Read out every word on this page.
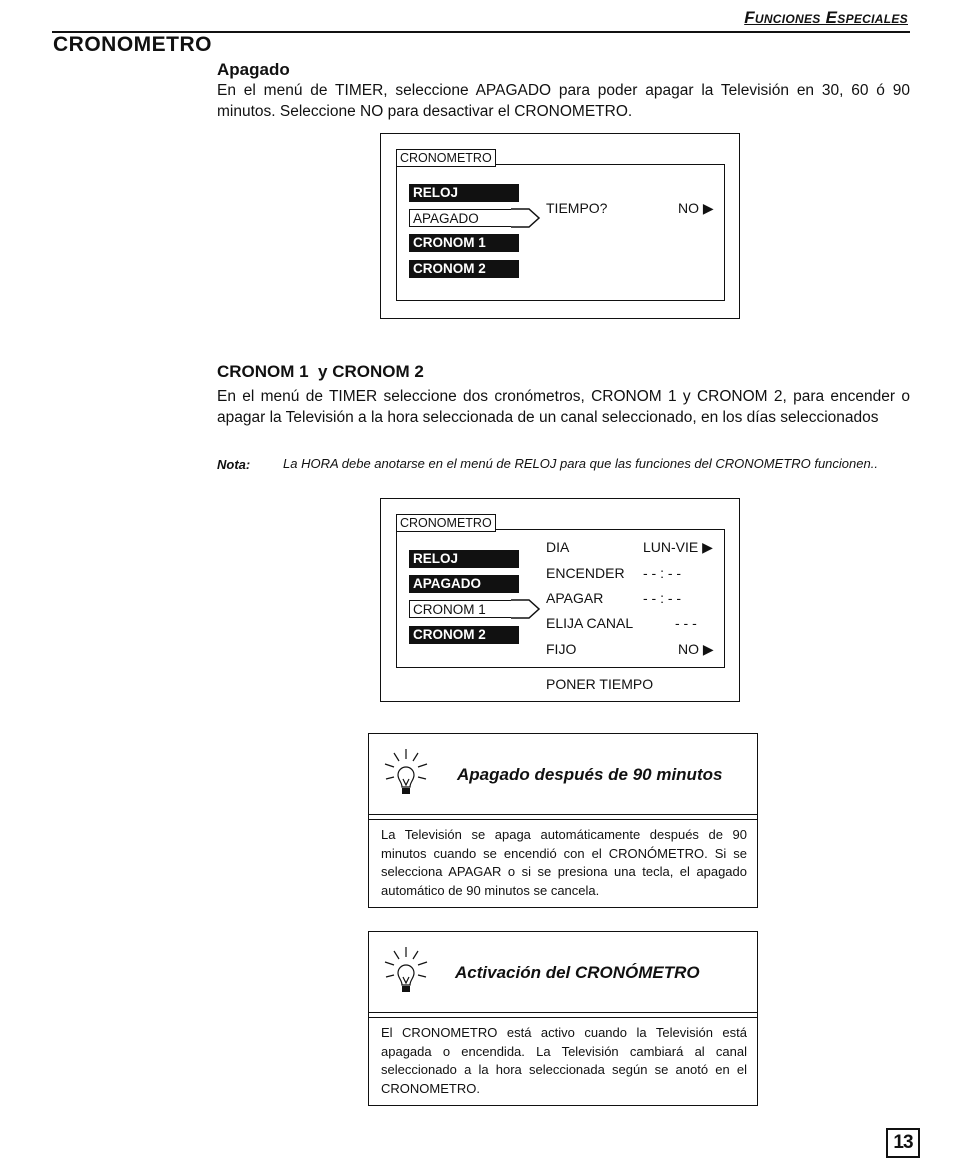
Funciones Especiales
CRONOMETRO
Apagado
En el menú de TIMER, seleccione APAGADO para poder apagar la Televisión en 30, 60 ó 90 minutos. Seleccione NO para desactivar el CRONOMETRO.
CRONOMETRO
RELOJ
APAGADO
CRONOM 1
CRONOM 2
TIEMPO?	NO ▶
CRONOM 1  y CRONOM 2
En el menú de TIMER seleccione dos cronómetros, CRONOM 1 y CRONOM 2, para encender o apagar la Televisión a la hora seleccionada de un canal seleccionado, en los días seleccionados
Nota:	La HORA debe anotarse en el menú de RELOJ para que las funciones del CRONOMETRO funcionen..
CRONOMETRO
RELOJ
APAGADO
CRONOM 1
CRONOM 2
DIA	LUN-VIE ▶
ENCENDER - - : - -
APAGAR	- - : - -
ELIJA CANAL	- - -
FIJO	NO ▶
PONER TIEMPO
Apagado después de 90 minutos
La Televisión se apaga automáticamente después de 90 minutos cuando se encendió con el CRONÓMETRO. Si se selecciona APAGAR o si se presiona una tecla, el apagado automático de 90 minutos se cancela.
Activación del CRONÓMETRO
El CRONOMETRO está activo cuando la Televisión está apagada o encendida. La Televisión cambiará al canal seleccionado a la hora seleccionada según se anotó en el CRONOMETRO.
13
